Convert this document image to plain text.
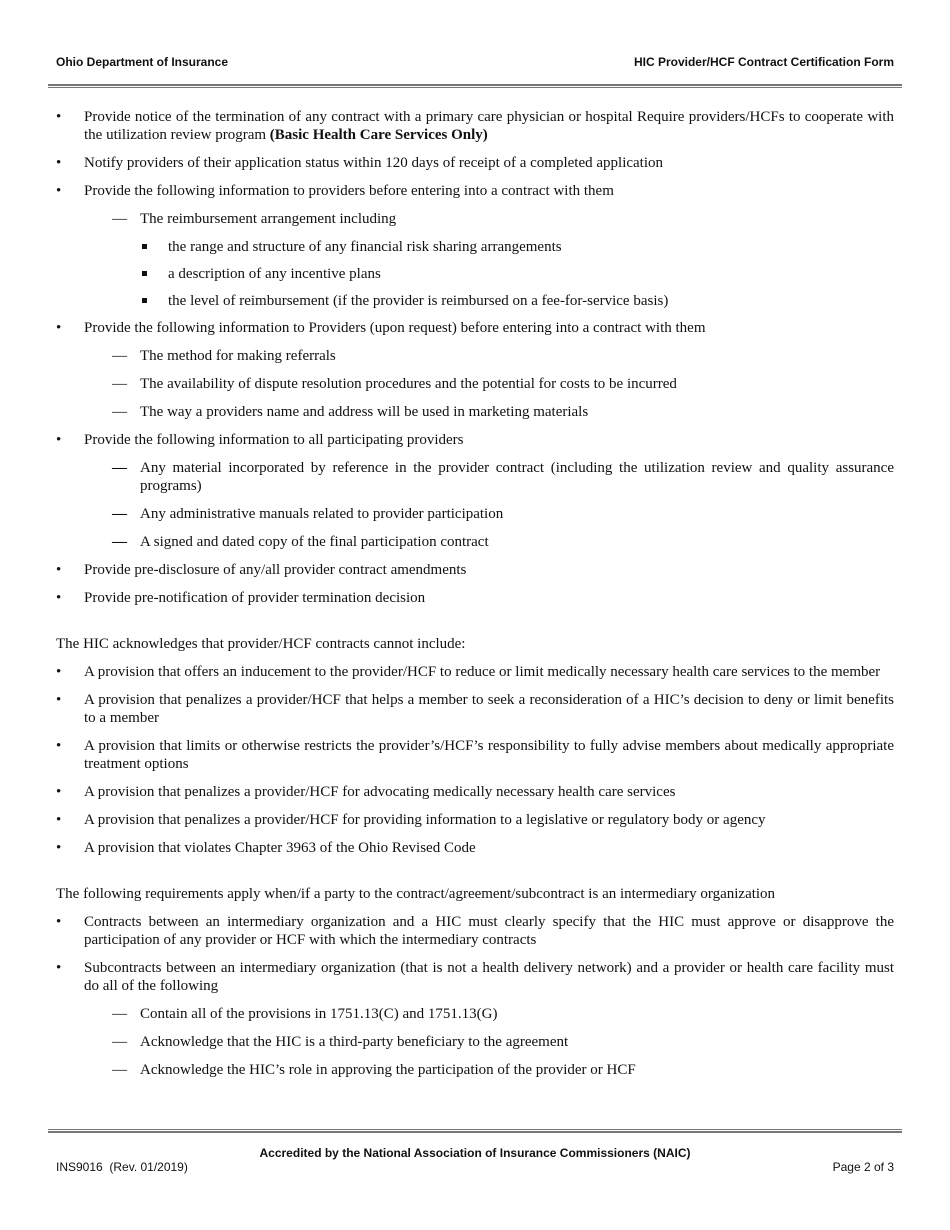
Ohio Department of Insurance	HIC Provider/HCF Contract Certification Form
• Provide notice of the termination of any contract with a primary care physician or hospital Require providers/HCFs to cooperate with the utilization review program (Basic Health Care Services Only)
• Notify providers of their application status within 120 days of receipt of a completed application
• Provide the following information to providers before entering into a contract with them
— The reimbursement arrangement including
the range and structure of any financial risk sharing arrangements
a description of any incentive plans
the level of reimbursement (if the provider is reimbursed on a fee-for-service basis)
• Provide the following information to Providers (upon request) before entering into a contract with them
— The method for making referrals
— The availability of dispute resolution procedures and the potential for costs to be incurred
— The way a providers name and address will be used in marketing materials
• Provide the following information to all participating providers
— Any material incorporated by reference in the provider contract (including the utilization review and quality assurance programs)
— Any administrative manuals related to provider participation
— A signed and dated copy of the final participation contract
• Provide pre-disclosure of any/all provider contract amendments
• Provide pre-notification of provider termination decision
The HIC acknowledges that provider/HCF contracts cannot include:
• A provision that offers an inducement to the provider/HCF to reduce or limit medically necessary health care services to the member
• A provision that penalizes a provider/HCF that helps a member to seek a reconsideration of a HIC’s decision to deny or limit benefits to a member
• A provision that limits or otherwise restricts the provider’s/HCF’s responsibility to fully advise members about medically appropriate treatment options
• A provision that penalizes a provider/HCF for advocating medically necessary health care services
• A provision that penalizes a provider/HCF for providing information to a legislative or regulatory body or agency
• A provision that violates Chapter 3963 of the Ohio Revised Code
The following requirements apply when/if a party to the contract/agreement/subcontract is an intermediary organization
• Contracts between an intermediary organization and a HIC must clearly specify that the HIC must approve or disapprove the participation of any provider or HCF with which the intermediary contracts
• Subcontracts between an intermediary organization (that is not a health delivery network) and a provider or health care facility must do all of the following
— Contain all of the provisions in 1751.13(C) and 1751.13(G)
— Acknowledge that the HIC is a third-party beneficiary to the agreement
— Acknowledge the HIC’s role in approving the participation of the provider or HCF
Accredited by the National Association of Insurance Commissioners (NAIC)
INS9016  (Rev. 01/2019)	Page 2 of 3
